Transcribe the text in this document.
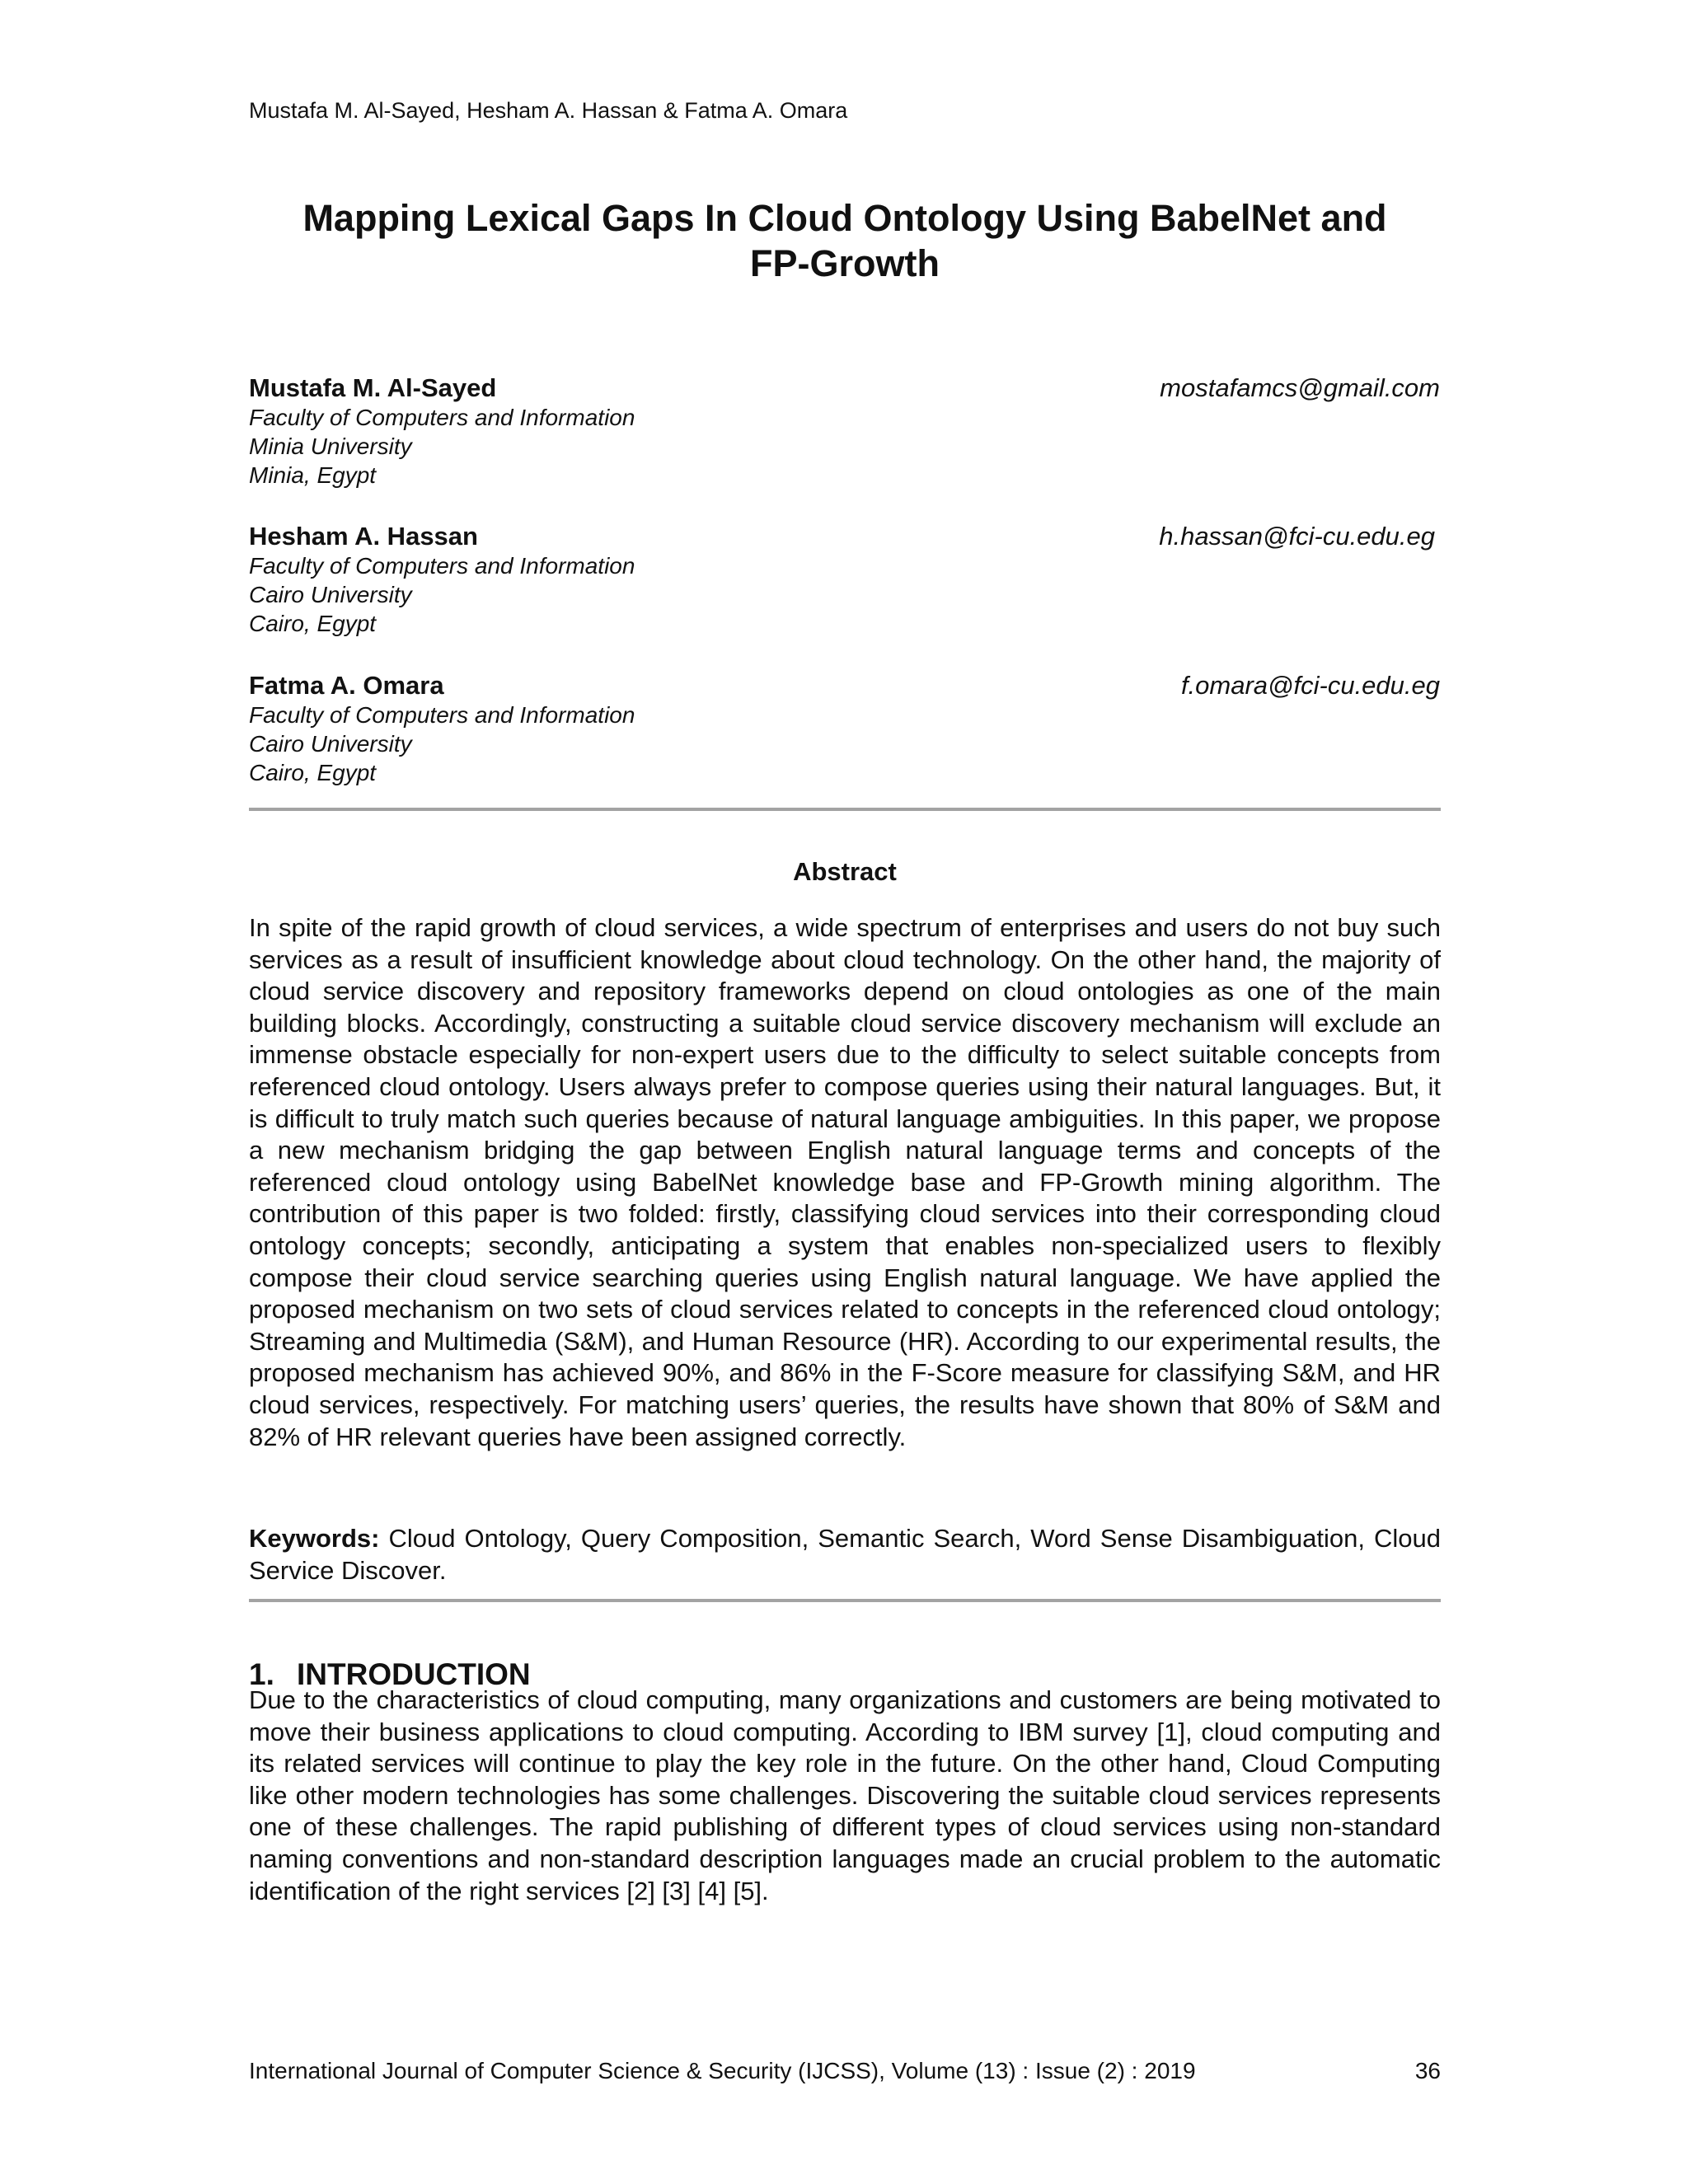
Mustafa M. Al-Sayed, Hesham A. Hassan & Fatma A. Omara
Mapping Lexical Gaps In Cloud Ontology Using BabelNet and
FP-Growth
Mustafa M. Al-Sayed	mostafamcs@gmail.com
Faculty of Computers and Information
Minia University
Minia, Egypt
Hesham A. Hassan	h.hassan@fci-cu.edu.eg
Faculty of Computers and Information
Cairo University
Cairo, Egypt
Fatma A. Omara	f.omara@fci-cu.edu.eg
Faculty of Computers and Information
Cairo University
Cairo, Egypt
Abstract

In spite of the rapid growth of cloud services, a wide spectrum of enterprises and users do not buy such services as a result of insufficient knowledge about cloud technology. On the other hand, the majority of cloud service discovery and repository frameworks depend on cloud ontologies as one of the main building blocks. Accordingly, constructing a suitable cloud service discovery mechanism will exclude an immense obstacle especially for non-expert users due to the difficulty to select suitable concepts from referenced cloud ontology. Users always prefer to compose queries using their natural languages. But, it is difficult to truly match such queries because of natural language ambiguities. In this paper, we propose a new mechanism bridging the gap between English natural language terms and concepts of the referenced cloud ontology using BabelNet knowledge base and FP-Growth mining algorithm. The contribution of this paper is two folded: firstly, classifying cloud services into their corresponding cloud ontology concepts; secondly, anticipating a system that enables non-specialized users to flexibly compose their cloud service searching queries using English natural language. We have applied the proposed mechanism on two sets of cloud services related to concepts in the referenced cloud ontology; Streaming and Multimedia (S&M), and Human Resource (HR). According to our experimental results, the proposed mechanism has achieved 90%, and 86% in the F-Score measure for classifying S&M, and HR cloud services, respectively. For matching users’ queries, the results have shown that 80% of S&M and 82% of HR relevant queries have been assigned correctly.

Keywords: Cloud Ontology, Query Composition, Semantic Search, Word Sense Disambiguation, Cloud Service Discover.

1. INTRODUCTION

Due to the characteristics of cloud computing, many organizations and customers are being motivated to move their business applications to cloud computing. According to IBM survey [1], cloud computing and its related services will continue to play the key role in the future. On the other hand, Cloud Computing like other modern technologies has some challenges. Discovering the suitable cloud services represents one of these challenges. The rapid publishing of different types of cloud services using non-standard naming conventions and non-standard description languages made an crucial problem to the automatic identification of the right services [2] [3] [4] [5].

International Journal of Computer Science & Security (IJCSS), Volume (13) : Issue (2) : 2019	36
